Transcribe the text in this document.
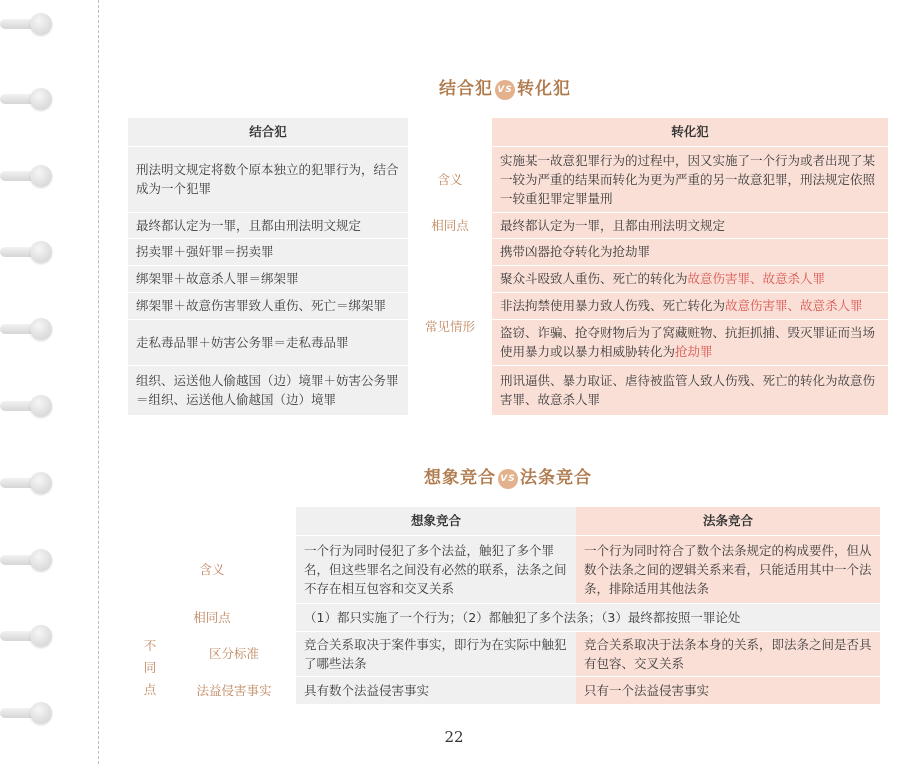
结合犯 VS 转化犯
结合犯		转化犯
刑法明文规定将数个原本独立的犯罪行为，结合成为一个犯罪	含义	实施某一故意犯罪行为的过程中，因又实施了一个行为或者出现了某一较为严重的结果而转化为更为严重的另一故意犯罪，刑法规定依照一较重犯罪定罪量刑
最终都认定为一罪，且都由刑法明文规定	相同点	最终都认定为一罪，且都由刑法明文规定
拐卖罪＋强奸罪＝拐卖罪	常见情形	携带凶器抢夺转化为抢劫罪
绑架罪＋故意杀人罪＝绑架罪		聚众斗殴致人重伤、死亡的转化为故意伤害罪、故意杀人罪
绑架罪＋故意伤害罪致人重伤、死亡＝绑架罪		非法拘禁使用暴力致人伤残、死亡转化为故意伤害罪、故意杀人罪
走私毒品罪＋妨害公务罪＝走私毒品罪		盗窃、诈骗、抢夺财物后为了窝藏赃物、抗拒抓捕、毁灭罪证而当场使用暴力或以暴力相威胁转化为抢劫罪
组织、运送他人偷越国（边）境罪＋妨害公务罪＝组织、运送他人偷越国（边）境罪		刑讯逼供、暴力取证、虐待被监管人致人伤残、死亡的转化为故意伤害罪、故意杀人罪
想象竞合 VS 法条竞合
		想象竞合	法条竞合
含义		一个行为同时侵犯了多个法益，触犯了多个罪名，但这些罪名之间没有必然的联系，法条之间不存在相互包容和交叉关系	一个行为同时符合了数个法条规定的构成要件，但从数个法条之间的逻辑关系来看，只能适用其中一个法条，排除适用其他法条
相同点		（1）都只实施了一个行为；（2）都触犯了多个法条；（3）最终都按照一罪论处	
不同点	区分标准	竞合关系取决于案件事实，即行为在实际中触犯了哪些法条	竞合关系取决于法条本身的关系，即法条之间是否具有包容、交叉关系
	法益侵害事实	具有数个法益侵害事实	只有一个法益侵害事实
22
